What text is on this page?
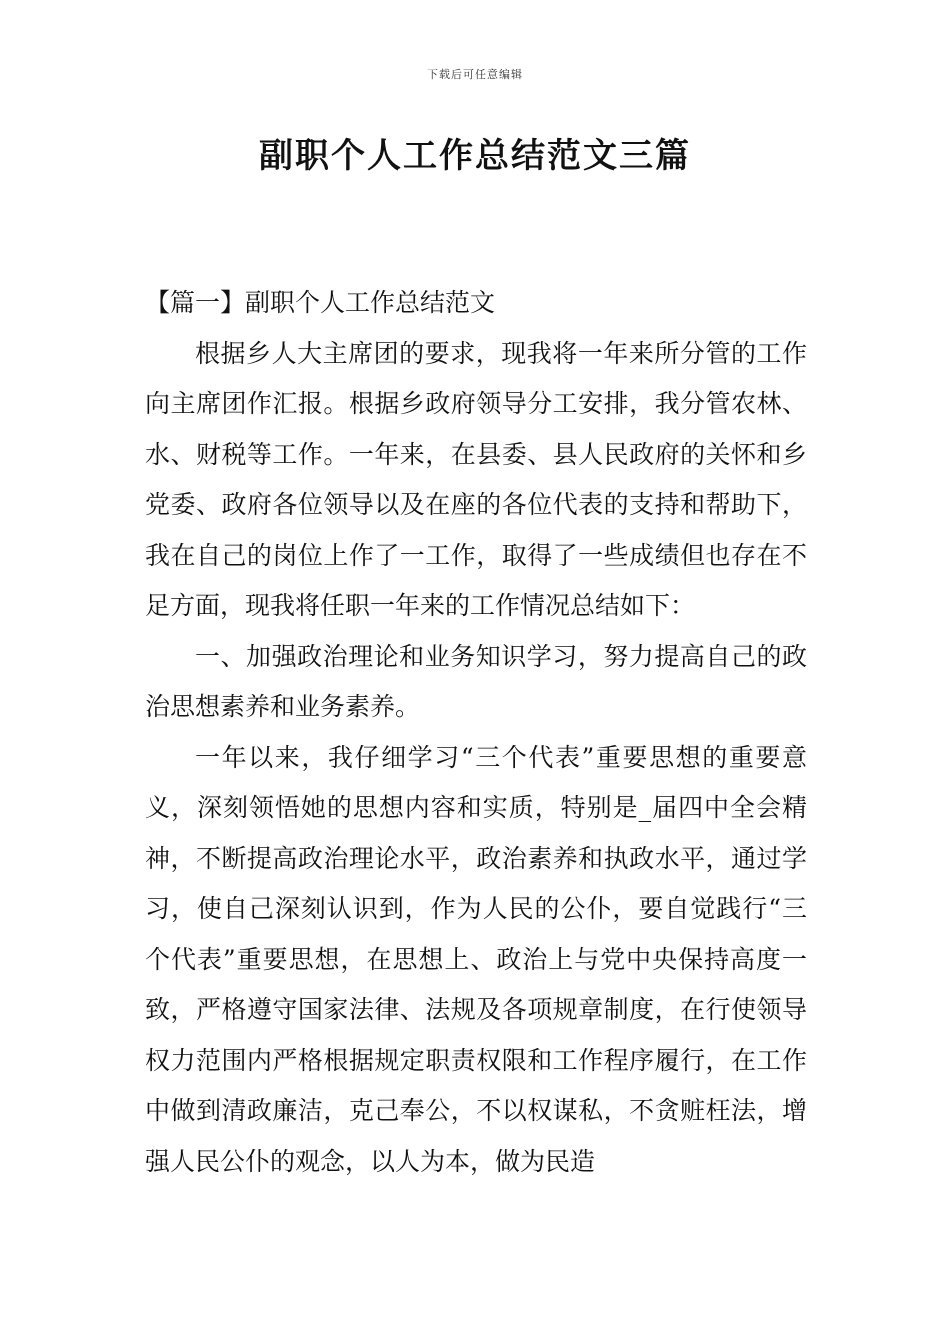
下载后可任意编辑
副职个人工作总结范文三篇

【篇一】副职个人工作总结范文

根据乡人大主席团的要求，现我将一年来所分管的工作向主席团作汇报。根据乡政府领导分工安排，我分管农林、水、财税等工作。一年来，在县委、县人民政府的关怀和乡党委、政府各位领导以及在座的各位代表的支持和帮助下，我在自己的岗位上作了一工作，取得了一些成绩但也存在不足方面，现我将任职一年来的工作情况总结如下：

一、加强政治理论和业务知识学习，努力提高自己的政治思想素养和业务素养。

一年以来，我仔细学习“三个代表”重要思想的重要意义，深刻领悟她的思想内容和实质，特别是_届四中全会精神，不断提高政治理论水平，政治素养和执政水平，通过学习，使自己深刻认识到，作为人民的公仆，要自觉践行“三个代表”重要思想，在思想上、政治上与党中央保持高度一致，严格遵守国家法律、法规及各项规章制度，在行使领导权力范围内严格根据规定职责权限和工作程序履行，在工作中做到清政廉洁，克己奉公，不以权谋私，不贪赃枉法，增强人民公仆的观念，以人为本，做为民造
